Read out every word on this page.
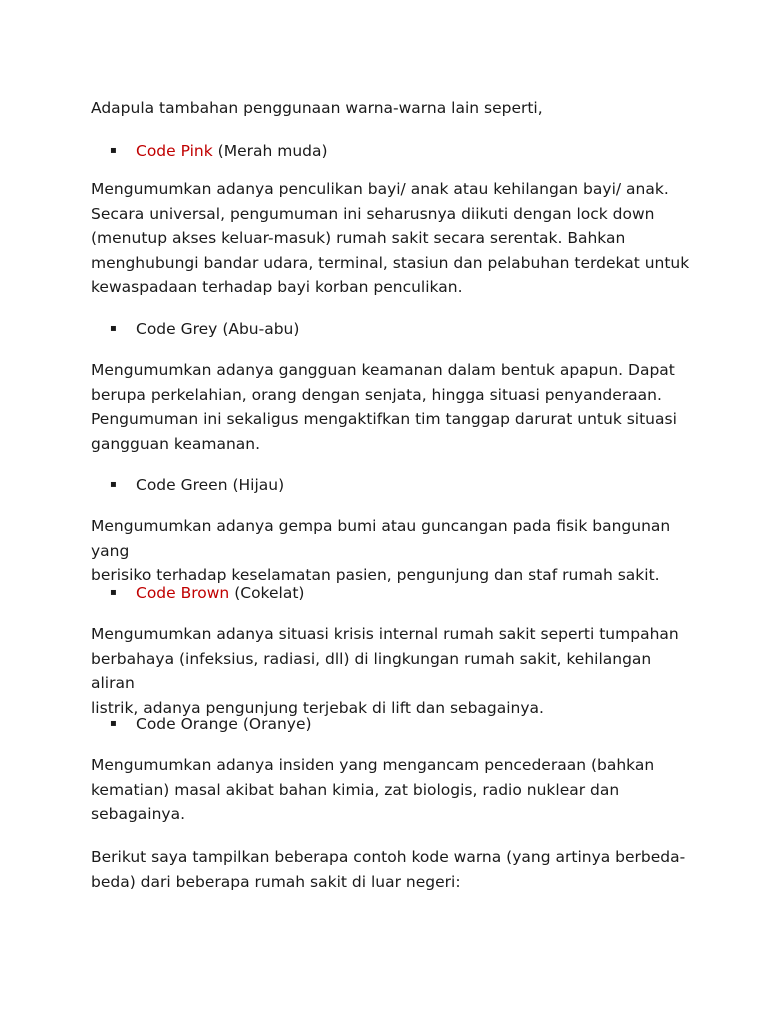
Adapula tambahan penggunaan warna-warna lain seperti,

▪ Code Pink (Merah muda)

Mengumumkan adanya penculikan bayi/ anak atau kehilangan bayi/ anak.
Secara universal, pengumuman ini seharusnya diikuti dengan lock down
(menutup akses keluar-masuk) rumah sakit secara serentak. Bahkan
menghubungi bandar udara, terminal, stasiun dan pelabuhan terdekat untuk
kewaspadaan terhadap bayi korban penculikan.

▪ Code Grey (Abu-abu)

Mengumumkan adanya gangguan keamanan dalam bentuk apapun. Dapat
berupa perkelahian, orang dengan senjata, hingga situasi penyanderaan.
Pengumuman ini sekaligus mengaktifkan tim tanggap darurat untuk situasi
gangguan keamanan.

▪ Code Green (Hijau)

Mengumumkan adanya gempa bumi atau guncangan pada fisik bangunan yang
berisiko terhadap keselamatan pasien, pengunjung dan staf rumah sakit.

▪ Code Brown (Cokelat)

Mengumumkan adanya situasi krisis internal rumah sakit seperti tumpahan
berbahaya (infeksius, radiasi, dll) di lingkungan rumah sakit, kehilangan aliran
listrik, adanya pengunjung terjebak di lift dan sebagainya.

▪ Code Orange (Oranye)

Mengumumkan adanya insiden yang mengancam pencederaan (bahkan
kematian) masal akibat bahan kimia, zat biologis, radio nuklear dan
sebagainya.
Berikut saya tampilkan beberapa contoh kode warna (yang artinya berbeda-
beda) dari beberapa rumah sakit di luar negeri:
